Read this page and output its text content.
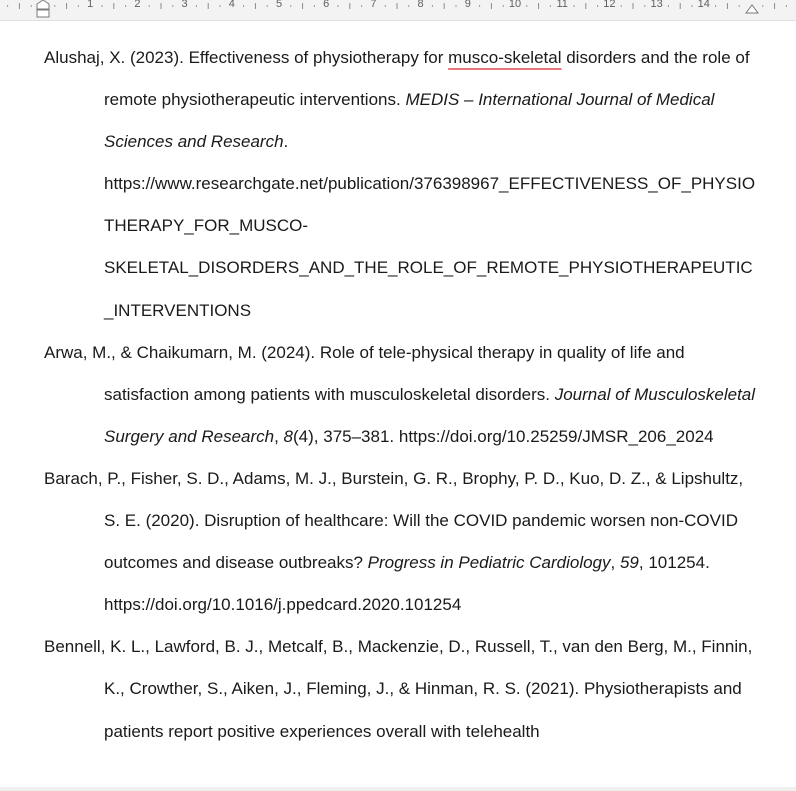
1	2	3	4	5	6	7	8	9	10	11	12	13	14

Alushaj, X. (2023). Effectiveness of physiotherapy for musco-skeletal disorders and the role of remote physiotherapeutic interventions. MEDIS – International Journal of Medical Sciences and Research. https://www.researchgate.net/publication/376398967_EFFECTIVENESS_OF_PHYSIOTHERAPY_FOR_MUSCO-SKELETAL_DISORDERS_AND_THE_ROLE_OF_REMOTE_PHYSIOTHERAPEUTIC_INTERVENTIONS

Arwa, M., & Chaikumarn, M. (2024). Role of tele-physical therapy in quality of life and satisfaction among patients with musculoskeletal disorders. Journal of Musculoskeletal Surgery and Research, 8(4), 375–381. https://doi.org/10.25259/JMSR_206_2024

Barach, P., Fisher, S. D., Adams, M. J., Burstein, G. R., Brophy, P. D., Kuo, D. Z., & Lipshultz, S. E. (2020). Disruption of healthcare: Will the COVID pandemic worsen non-COVID outcomes and disease outbreaks? Progress in Pediatric Cardiology, 59, 101254. https://doi.org/10.1016/j.ppedcard.2020.101254

Bennell, K. L., Lawford, B. J., Metcalf, B., Mackenzie, D., Russell, T., van den Berg, M., Finnin, K., Crowther, S., Aiken, J., Fleming, J., & Hinman, R. S. (2021). Physiotherapists and patients report positive experiences overall with telehealth
